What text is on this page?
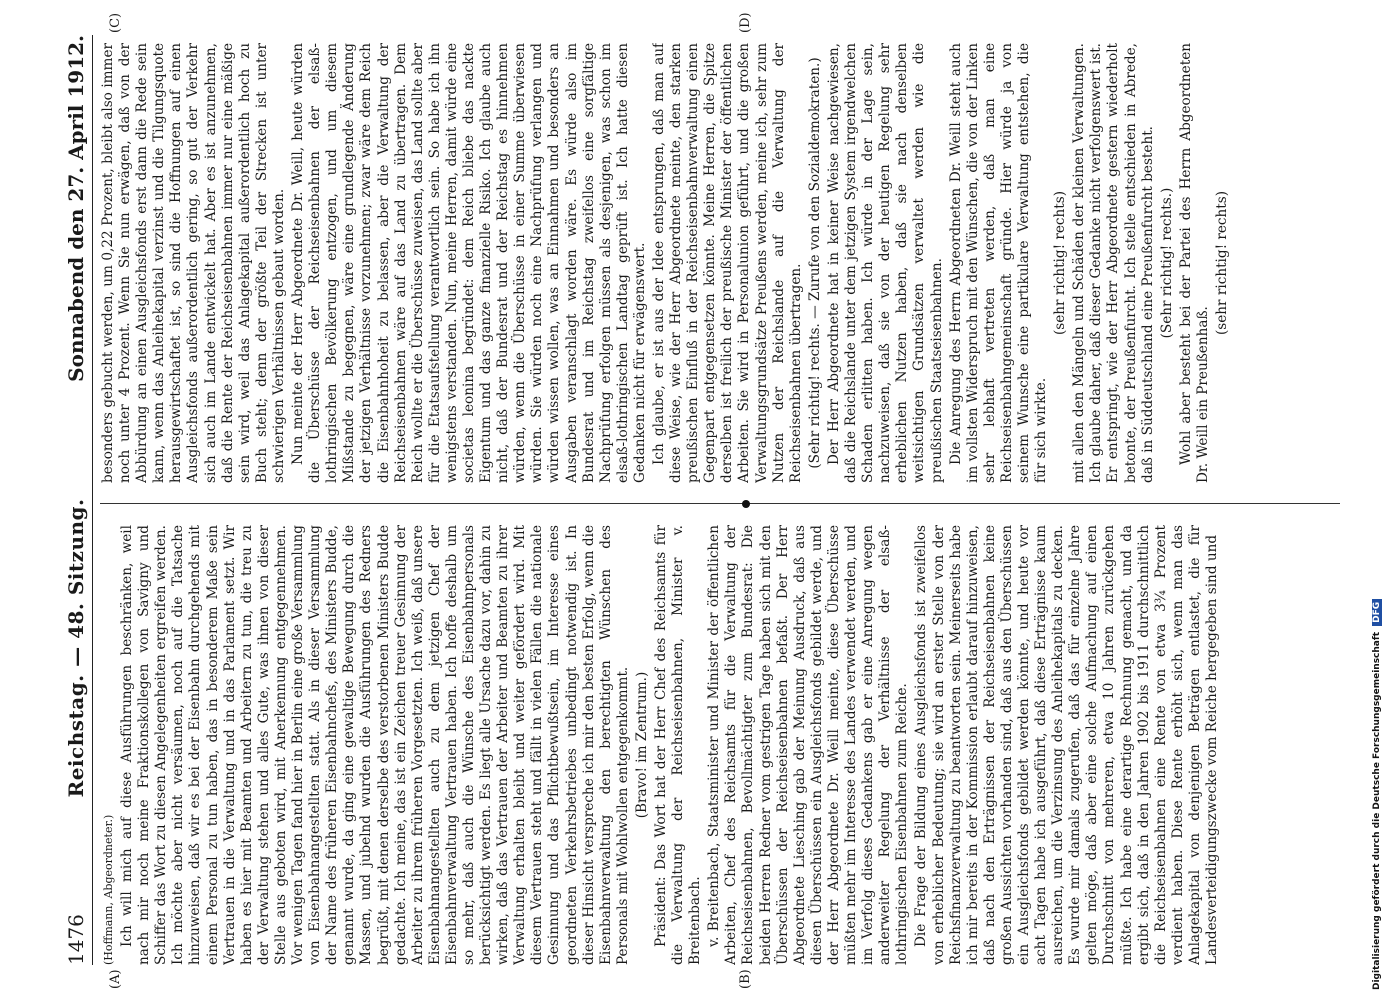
1476
Reichstag. — 48. Sitzung.
Sonnabend den 27. April 1912.
(A)	(B)
(C)	(D)

(Hoffmann, Abgeordneter.) Ich will mich auf diese Ausführungen beschränken, weil nach mir noch meine Fraktionskollegen von Savigny und Schiffer das Wort zu diesen Angelegenheiten ergreifen werden. Ich möchte aber nicht versäumen, noch auf die Tatsache hinzuweisen, daß wir es bei der Eisenbahn durchgehends mit einem Personal zu tun haben, das in besonderem Maße sein Vertrauen in die Verwaltung und in das Parlament setzt. Wir haben es hier mit Beamten und Arbeitern zu tun, die treu zu der Verwaltung stehen und alles Gute, was ihnen von dieser Stelle aus geboten wird, mit Anerkennung entgegennehmen. Vor wenigen Tagen fand hier in Berlin eine große Versammlung von Eisenbahnangestellten statt. Als in dieser Versammlung der Name des früheren Eisenbahnchefs, des Ministers Budde, genannt wurde, da ging eine gewaltige Bewegung durch die Massen, und jubelnd wurden die Ausführungen des Redners begrüßt, mit denen derselbe des verstorbenen Ministers Budde gedachte. Ich meine, das ist ein Zeichen treuer Gesinnung der Arbeiter zu ihrem früheren Vorgesetzten. Ich weiß, daß unsere Eisenbahnangestellten auch zu dem jetzigen Chef der Eisenbahnverwaltung Vertrauen haben. Ich hoffe deshalb um so mehr, daß auch die Wünsche des Eisenbahnpersonals berücksichtigt werden. Es liegt alle Ursache dazu vor, dahin zu wirken, daß das Vertrauen der Arbeiter und Beamten zu ihrer Verwaltung erhalten bleibt und weiter gefördert wird. Mit diesem Vertrauen steht und fällt in vielen Fällen die nationale Gesinnung und das Pflichtbewußtsein, im Interesse eines geordneten Verkehrsbetriebes unbedingt notwendig ist. In dieser Hinsicht verspreche ich mir den besten Erfolg, wenn die Eisenbahnverwaltung den berechtigten Wünschen des Personals mit Wohlwollen entgegenkommt. (Bravo! im Zentrum.) Präsident: Das Wort hat der Herr Chef des Reichsamts für die Verwaltung der Reichseisenbahnen, Minister v. Breitenbach. v. Breitenbach, Staatsminister und Minister der öffentlichen Arbeiten, Chef des Reichsamts für die Verwaltung der Reichseisenbahnen, Bevollmächtigter zum Bundesrat: Die beiden Herren Redner vom gestrigen Tage haben sich mit den Überschüssen der Reichseisenbahnen befaßt. Der Herr Abgeordnete Liesching gab der Meinung Ausdruck, daß aus diesen Überschüssen ein Ausgleichsfonds gebildet werde, und der Herr Abgeordnete Dr. Weill meinte, diese Überschüsse müßten mehr im Interesse des Landes verwendet werden, und im Verfolg dieses Gedankens gab er eine Anregung wegen anderweiter Regelung der Verhältnisse der elsaß-lothringischen Eisenbahnen zum Reiche. Die Frage der Bildung eines Ausgleichsfonds ist zweifellos von erheblicher Bedeutung; sie wird an erster Stelle von der Reichsfinanzverwaltung zu beantworten sein. Meinerseits habe ich mir bereits in der Kommission erlaubt darauf hinzuweisen, daß nach den Erträgnissen der Reichseisenbahnen keine großen Aussichten vorhanden sind, daß aus den Überschüssen ein Ausgleichsfonds gebildet werden könnte, und heute vor acht Tagen habe ich ausgeführt, daß diese Erträgnisse kaum ausreichen, um die Verzinsung des Anleihekapitals zu decken. Es wurde mir damals zugerufen, daß das für einzelne Jahre gelten möge, daß aber eine solche Aufmachung auf einen Durchschnitt von mehreren, etwa 10 Jahren zurückgehen müßte. Ich habe eine derartige Rechnung gemacht, und da ergibt sich, daß in den Jahren 1902 bis 1911 durchschnittlich die Reichseisenbahnen eine Rente von etwa 3¾ Prozent verdient haben. Diese Rente erhöht sich, wenn man das Anlagekapital von denjenigen Beträgen entlastet, die für Landesverteidigungszwecke vom Reiche hergegeben sind und

besonders gebucht werden, um 0,22 Prozent, bleibt also immer noch unter 4 Prozent. Wenn Sie nun erwägen, daß von der Abbürdung an einen Ausgleichsfonds erst dann die Rede sein kann, wenn das Anleihekapital verzinst und die Tilgungsquote herausgewirtschaftet ist, so sind die Hoffnungen auf einen Ausgleichsfonds außerordentlich gering, so gut der Verkehr sich auch im Lande entwickelt hat. Aber es ist anzunehmen, daß die Rente der Reichseisenbahnen immer nur eine mäßige sein wird, weil das Anlagekapital außerordentlich hoch zu Buch steht; denn der größte Teil der Strecken ist unter schwierigen Verhältnissen gebaut worden. Nun meinte der Herr Abgeordnete Dr. Weill, heute würden die Überschüsse der Reichseisenbahnen der elsaß-lothringischen Bevölkerung entzogen, und um diesem Mißstande zu begegnen, wäre eine grundlegende Änderung der jetzigen Verhältnisse vorzunehmen; zwar wäre dem Reich die Eisenbahnhoheit zu belassen, aber die Verwaltung der Reichseisenbahnen wäre auf das Land zu übertragen. Dem Reich wollte er die Überschüsse zuweisen, das Land sollte aber für die Etatsaufstellung verantwortlich sein. So habe ich ihn wenigstens verstanden. Nun, meine Herren, damit würde eine societas leonina begründet: dem Reich bliebe das nackte Eigentum und das ganze finanzielle Risiko. Ich glaube auch nicht, daß der Bundesrat und der Reichstag es hinnehmen würden, wenn die Überschüsse in einer Summe überwiesen würden. Sie würden noch eine Nachprüfung verlangen und würden wissen wollen, was an Einnahmen und besonders an Ausgaben veranschlagt worden wäre. Es würde also im Bundesrat und im Reichstag zweifellos eine sorgfältige Nachprüfung erfolgen müssen als desjenigen, was schon im elsaß-lothringischen Landtag geprüft ist. Ich hatte diesen Gedanken nicht für erwägenswert. Ich glaube, er ist aus der Idee entsprungen, daß man auf diese Weise, wie der Herr Abgeordnete meinte, den starken preußischen Einfluß in der Reichseisenbahnverwaltung einen Gegenpart entgegensetzen könnte. Meine Herren, die Spitze derselben ist freilich der preußische Minister der öffentlichen Arbeiten. Sie wird in Personalunion geführt, und die großen Verwaltungsgrundsätze Preußens werden, meine ich, sehr zum Nutzen der Reichslande auf die Verwaltung der Reichseisenbahnen übertragen. (Sehr richtig! rechts. — Zurufe von den Sozialdemokraten.) Der Herr Abgeordnete hat in keiner Weise nachgewiesen, daß die Reichslande unter dem jetzigen System irgendwelchen Schaden erlitten haben. Ich würde in der Lage sein, nachzuweisen, daß sie von der heutigen Regelung sehr erheblichen Nutzen haben, daß sie nach denselben weitsichtigen Grundsätzen verwaltet werden wie die preußischen Staatseisenbahnen. Die Anregung des Herrn Abgeordneten Dr. Weill steht auch im vollsten Widerspruch mit den Wünschen, die von der Linken sehr lebhaft vertreten werden, daß man eine Reichseisenbahngemeinschaft gründe. Hier würde ja von seinem Wunsche eine partikulare Verwaltung entstehen, die für sich wirkte.

(sehr richtig! rechts) mit allen den Mängeln und Schäden der kleinen Verwaltungen. Ich glaube daher, daß dieser Gedanke nicht verfolgenswert ist. Er entspringt, wie der Herr Abgeordnete gestern wiederholt betonte, der Preußenfurcht. Ich stelle entschieden in Abrede, daß in Süddeutschland eine Preußenfurcht besteht. (Sehr richtig! rechts.) Wohl aber besteht bei der Partei des Herrn Abgeordneten Dr. Weill ein Preußenhaß.

(sehr richtig! rechts)

Digitalisierung gefördert durch die Deutsche ForschungsgemeinschaftDFG
